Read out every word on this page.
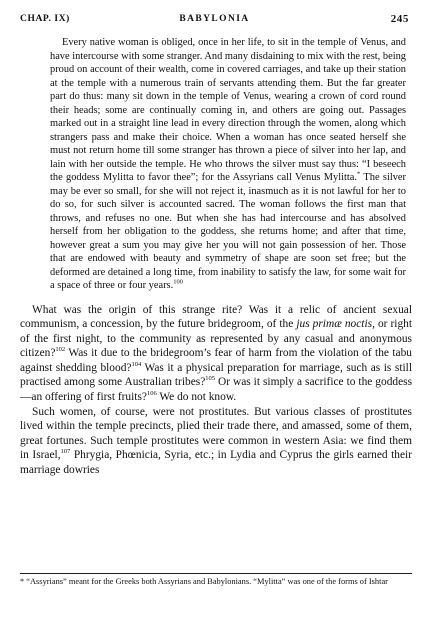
CHAP. IX)	BABYLONIA	245

Every native woman is obliged, once in her life, to sit in the temple of Venus, and have intercourse with some stranger. And many disdaining to mix with the rest, being proud on account of their wealth, come in covered carriages, and take up their station at the temple with a numerous train of servants attending them. But the far greater part do thus: many sit down in the temple of Venus, wearing a crown of cord round their heads; some are continually coming in, and others are going out. Passages marked out in a straight line lead in every direction through the women, along which strangers pass and make their choice. When a woman has once seated herself she must not return home till some stranger has thrown a piece of silver into her lap, and lain with her outside the temple. He who throws the silver must say thus: “I beseech the goddess Mylitta to favor thee”; for the Assyrians call Venus Mylitta.* The silver may be ever so small, for she will not reject it, inasmuch as it is not lawful for her to do so, for such silver is accounted sacred. The woman follows the first man that throws, and refuses no one. But when she has had intercourse and has absolved herself from her obligation to the goddess, she returns home; and after that time, however great a sum you may give her you will not gain possession of her. Those that are endowed with beauty and symmetry of shape are soon set free; but the deformed are detained a long time, from inability to satisfy the law, for some wait for a space of three or four years.$^{100}$

What was the origin of this strange rite? Was it a relic of ancient sexual communism, a concession, by the future bridegroom, of the jus primæ noctis, or right of the first night, to the community as represented by any casual and anonymous citizen?$^{102}$ Was it due to the bridegroom’s fear of harm from the violation of the tabu against shedding blood?$^{104}$ Was it a physical preparation for marriage, such as is still practised among some Australian tribes?$^{105}$ Or was it simply a sacrifice to the goddess—an offering of first fruits?$^{106}$ We do not know.

Such women, of course, were not prostitutes. But various classes of prostitutes lived within the temple precincts, plied their trade there, and amassed, some of them, great fortunes. Such temple prostitutes were common in western Asia: we find them in Israel,$^{107}$ Phrygia, Phœnicia, Syria, etc.; in Lydia and Cyprus the girls earned their marriage dowries

* “Assyrians” meant for the Greeks both Assyrians and Babylonians. “Mylitta” was one of the forms of Ishtar
